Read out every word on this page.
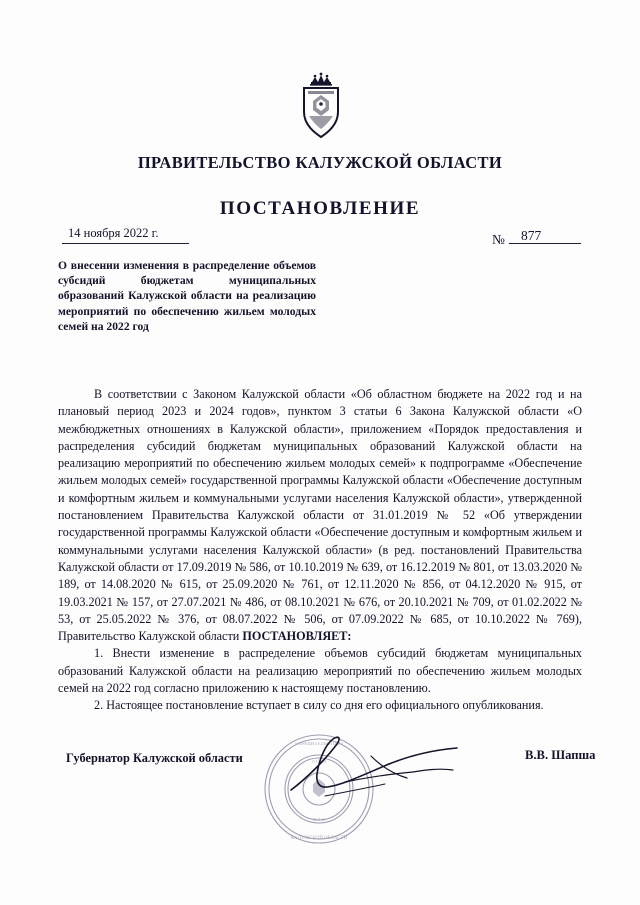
ПРАВИТЕЛЬСТВО КАЛУЖСКОЙ ОБЛАСТИ
ПОСТАНОВЛЕНИЕ
14 ноября 2022 г.	№ 877
О внесении изменения в распределение объемов субсидий бюджетам муниципальных образований Калужской области на реализацию мероприятий по обеспечению жильем молодых семей на 2022 год

В соответствии с Законом Калужской области «Об областном бюджете на 2022 год и на плановый период 2023 и 2024 годов», пунктом 3 статьи 6 Закона Калужской области «О межбюджетных отношениях в Калужской области», приложением «Порядок предоставления и распределения субсидий бюджетам муниципальных образований Калужской области на реализацию мероприятий по обеспечению жильем молодых семей» к подпрограмме «Обеспечение жильем молодых семей» государственной программы Калужской области «Обеспечение доступным и комфортным жильем и коммунальными услугами населения Калужской области», утвержденной постановлением Правительства Калужской области от 31.01.2019 № 52 «Об утверждении государственной программы Калужской области «Обеспечение доступным и комфортным жильем и коммунальными услугами населения Калужской области» (в ред. постановлений Правительства Калужской области от 17.09.2019 № 586, от 10.10.2019 № 639, от 16.12.2019 № 801, от 13.03.2020 № 189, от 14.08.2020 № 615, от 25.09.2020 № 761, от 12.11.2020 № 856, от 04.12.2020 № 915, от 19.03.2021 № 157, от 27.07.2021 № 486, от 08.10.2021 № 676, от 20.10.2021 № 709, от 01.02.2022 № 53, от 25.05.2022 № 376, от 08.07.2022 № 506, от 07.09.2022 № 685, от 10.10.2022 № 769), Правительство Калужской области ПОСТАНОВЛЯЕТ:

1. Внести изменение в распределение объемов субсидий бюджетам муниципальных образований Калужской области на реализацию мероприятий по обеспечению жильем молодых семей на 2022 год согласно приложению к настоящему постановлению.

2. Настоящее постановление вступает в силу со дня его официального опубликования.

• ПРАВИТЕЛЬСТВО •
КАЛУЖСКОЙ ОБЛАСТИ
О Г Р Н
И Н Н
Губернатор Калужской области	В.В. Шапша
